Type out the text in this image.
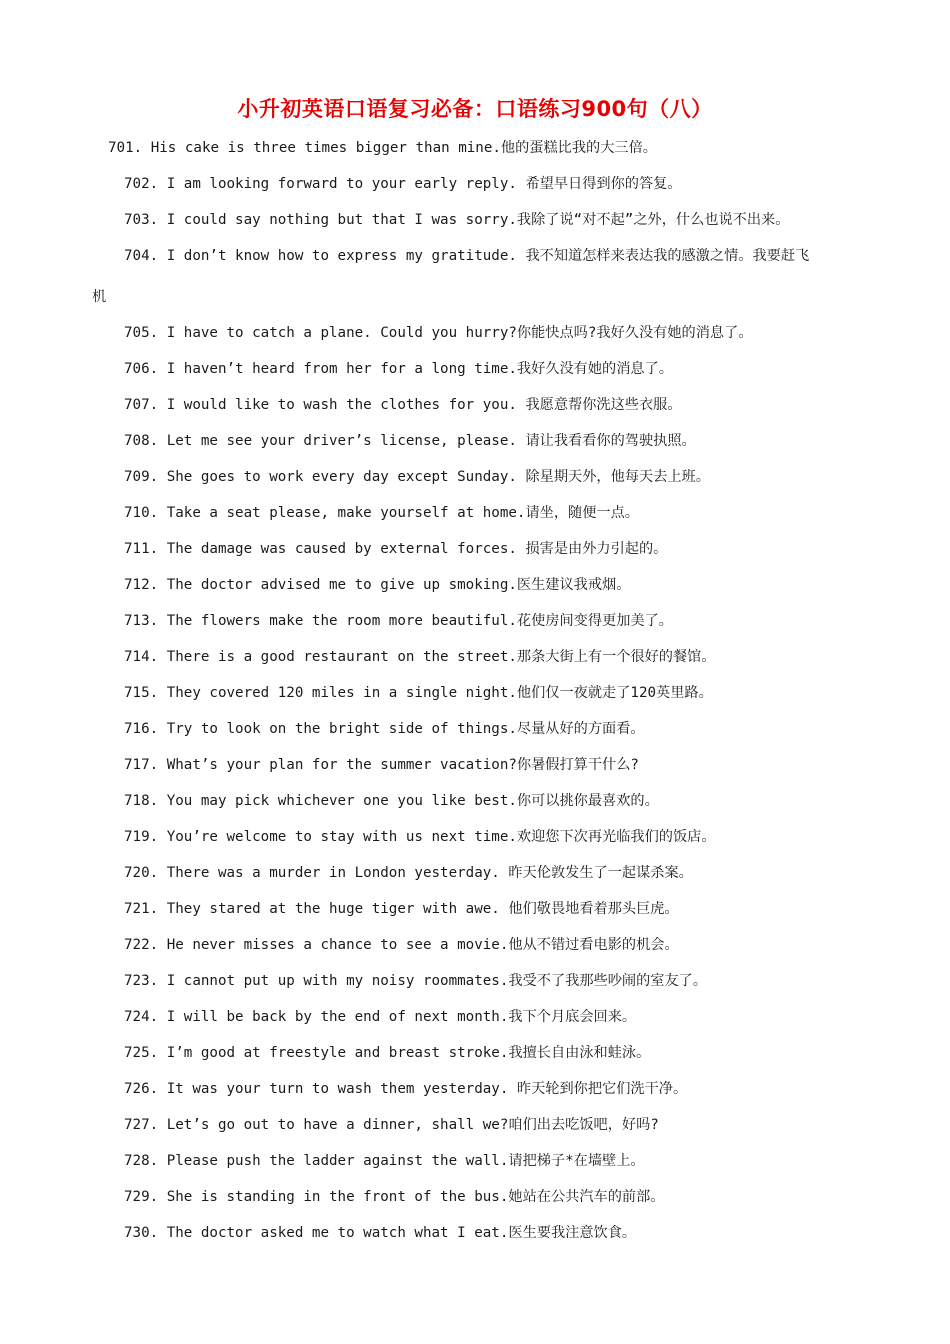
小升初英语口语复习必备：口语练习900句（八）
701. His cake is three times bigger than mine.他的蛋糕比我的大三倍。
702. I am looking forward to your early reply. 希望早日得到你的答复。
703. I could say nothing but that I was sorry.我除了说“对不起”之外，什么也说不出来。
704. I don’t know how to express my gratitude. 我不知道怎样来表达我的感激之情。我要赶飞
机
705. I have to catch a plane. Could you hurry?你能快点吗?我好久没有她的消息了。
706. I haven’t heard from her for a long time.我好久没有她的消息了。
707. I would like to wash the clothes for you. 我愿意帮你洗这些衣服。
708. Let me see your driver’s license, please. 请让我看看你的驾驶执照。
709. She goes to work every day except Sunday. 除星期天外，他每天去上班。
710. Take a seat please, make yourself at home.请坐，随便一点。
711. The damage was caused by external forces. 损害是由外力引起的。
712. The doctor advised me to give up smoking.医生建议我戒烟。
713. The flowers make the room more beautiful.花使房间变得更加美了。
714. There is a good restaurant on the street.那条大街上有一个很好的餐馆。
715. They covered 120 miles in a single night.他们仅一夜就走了120英里路。
716. Try to look on the bright side of things.尽量从好的方面看。
717. What’s your plan for the summer vacation?你暑假打算干什么?
718. You may pick whichever one you like best.你可以挑你最喜欢的。
719. You’re welcome to stay with us next time.欢迎您下次再光临我们的饭店。
720. There was a murder in London yesterday. 昨天伦敦发生了一起谋杀案。
721. They stared at the huge tiger with awe. 他们敬畏地看着那头巨虎。
722. He never misses a chance to see a movie.他从不错过看电影的机会。
723. I cannot put up with my noisy roommates.我受不了我那些吵闹的室友了。
724. I will be back by the end of next month.我下个月底会回来。
725. I’m good at freestyle and breast stroke.我擅长自由泳和蛙泳。
726. It was your turn to wash them yesterday. 昨天轮到你把它们洗干净。
727. Let’s go out to have a dinner, shall we?咱们出去吃饭吧，好吗?
728. Please push the ladder against the wall.请把梯子*在墙壁上。
729. She is standing in the front of the bus.她站在公共汽车的前部。
730. The doctor asked me to watch what I eat.医生要我注意饮食。
